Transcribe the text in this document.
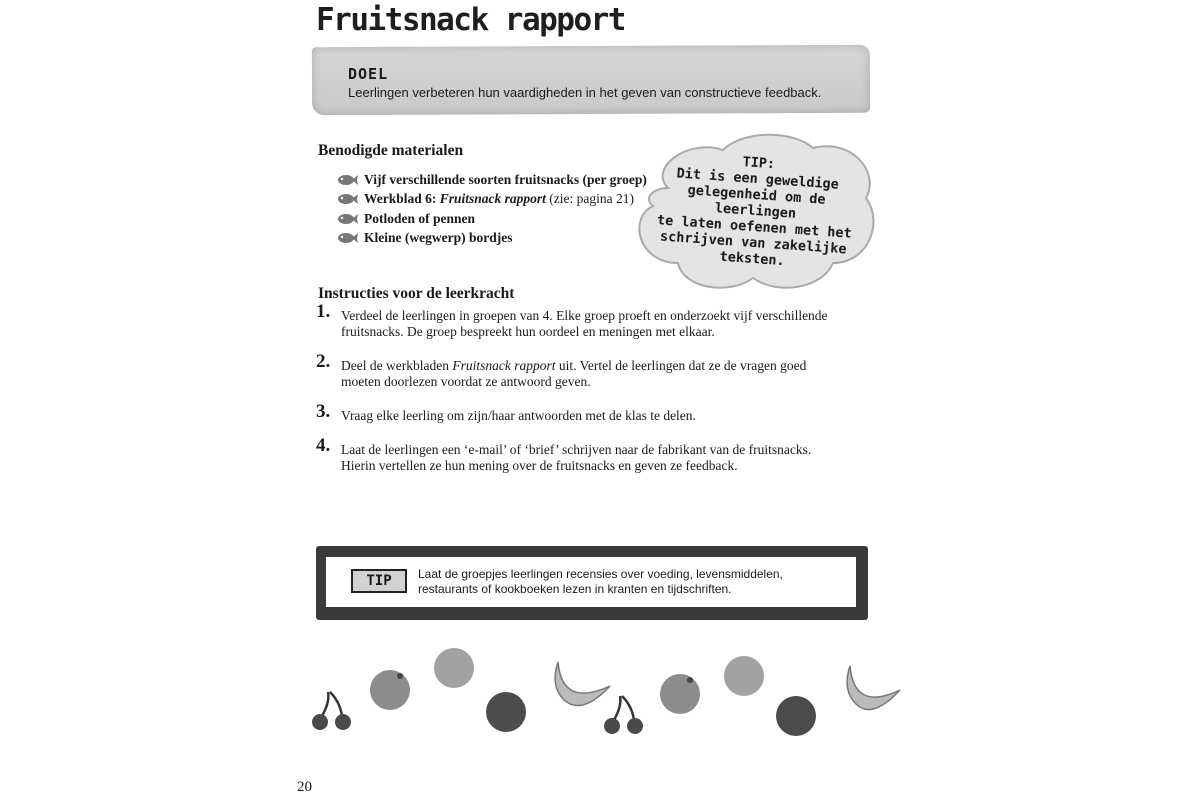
Fruitsnack rapport
DOEL
Leerlingen verbeteren hun vaardigheden in het geven van constructieve feedback.
Benodigde materialen
Vijf verschillende soorten fruitsnacks (per groep)
Werkblad 6: Fruitsnack rapport (zie: pagina 21)
Potloden of pennen
Kleine (wegwerp) bordjes
TIP:
Dit is een geweldige
gelegenheid om de leerlingen
te laten oefenen met het
schrijven van zakelijke
teksten.
Instructies voor de leerkracht
1. Verdeel de leerlingen in groepen van 4. Elke groep proeft en onderzoekt vijf verschillende fruitsnacks. De groep bespreekt hun oordeel en meningen met elkaar.
2. Deel de werkbladen Fruitsnack rapport uit. Vertel de leerlingen dat ze de vragen goed moeten doorlezen voordat ze antwoord geven.
3. Vraag elke leerling om zijn/haar antwoorden met de klas te delen.
4. Laat de leerlingen een ‘e-mail’ of ‘brief’ schrijven naar de fabrikant van de fruitsnacks. Hierin vertellen ze hun mening over de fruitsnacks en geven ze feedback.
TIP	Laat de groepjes leerlingen recensies over voeding, levensmiddelen, restaurants of kookboeken lezen in kranten en tijdschriften.
20
